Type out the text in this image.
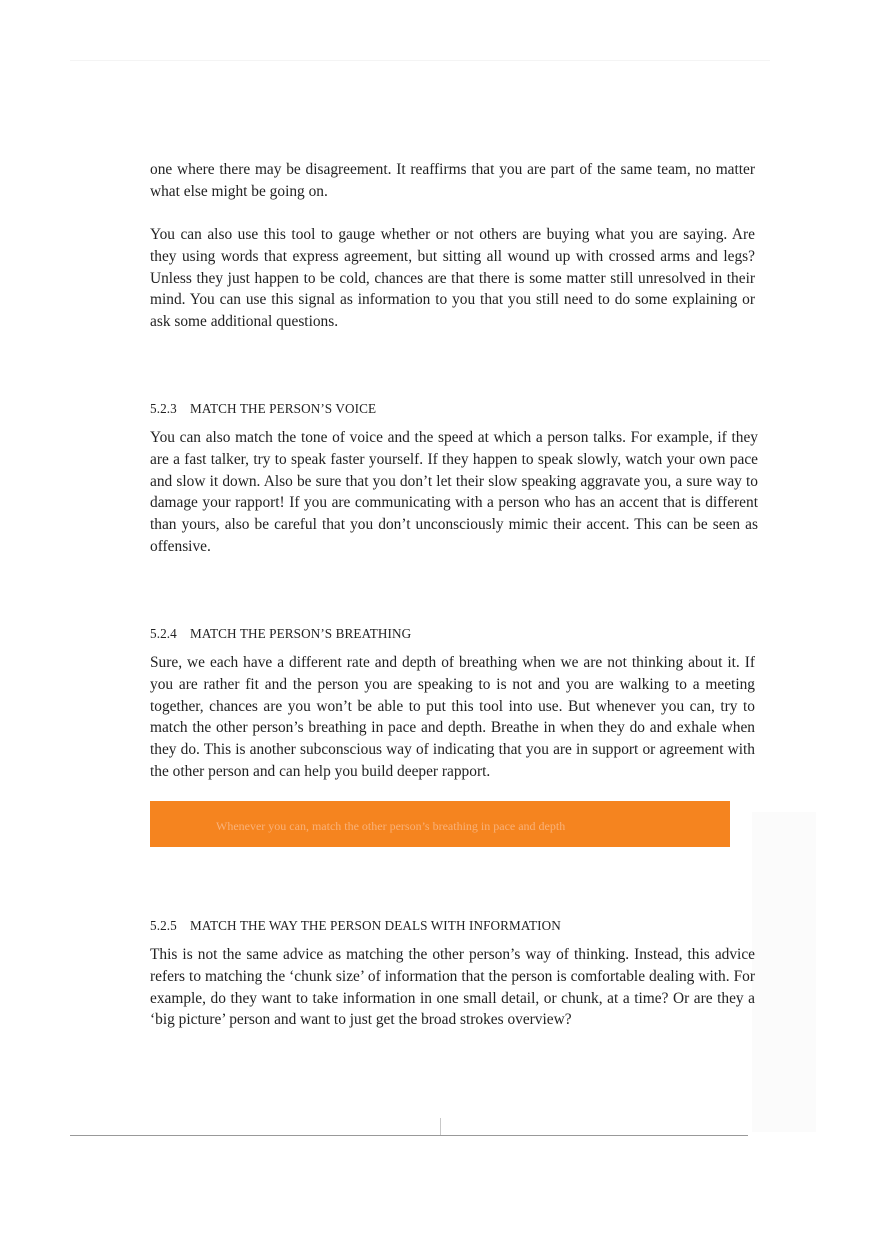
one where there may be disagreement. It reaffirms that you are part of the same team, no matter what else might be going on.

You can also use this tool to gauge whether or not others are buying what you are saying. Are they using words that express agreement, but sitting all wound up with crossed arms and legs? Unless they just happen to be cold, chances are that there is some matter still unresolved in their mind. You can use this signal as information to you that you still need to do some explaining or ask some additional questions.

5.2.3 MATCH THE PERSON’S VOICE

You can also match the tone of voice and the speed at which a person talks. For example, if they are a fast talker, try to speak faster yourself. If they happen to speak slowly, watch your own pace and slow it down. Also be sure that you don’t let their slow speaking aggravate you, a sure way to damage your rapport! If you are communicating with a person who has an accent that is different than yours, also be careful that you don’t unconsciously mimic their accent. This can be seen as offensive.

5.2.4 MATCH THE PERSON’S BREATHING

Sure, we each have a different rate and depth of breathing when we are not thinking about it. If you are rather fit and the person you are speaking to is not and you are walking to a meeting together, chances are you won’t be able to put this tool into use. But whenever you can, try to match the other person’s breathing in pace and depth. Breathe in when they do and exhale when they do. This is another subconscious way of indicating that you are in support or agreement with the other person and can help you build deeper rapport.

Whenever you can, match the other person’s breathing in pace and depth
5.2.5 MATCH THE WAY THE PERSON DEALS WITH INFORMATION

This is not the same advice as matching the other person’s way of thinking. Instead, this advice refers to matching the ‘chunk size’ of information that the person is comfortable dealing with. For example, do they want to take information in one small detail, or chunk, at a time? Or are they a ‘big picture’ person and want to just get the broad strokes overview?
